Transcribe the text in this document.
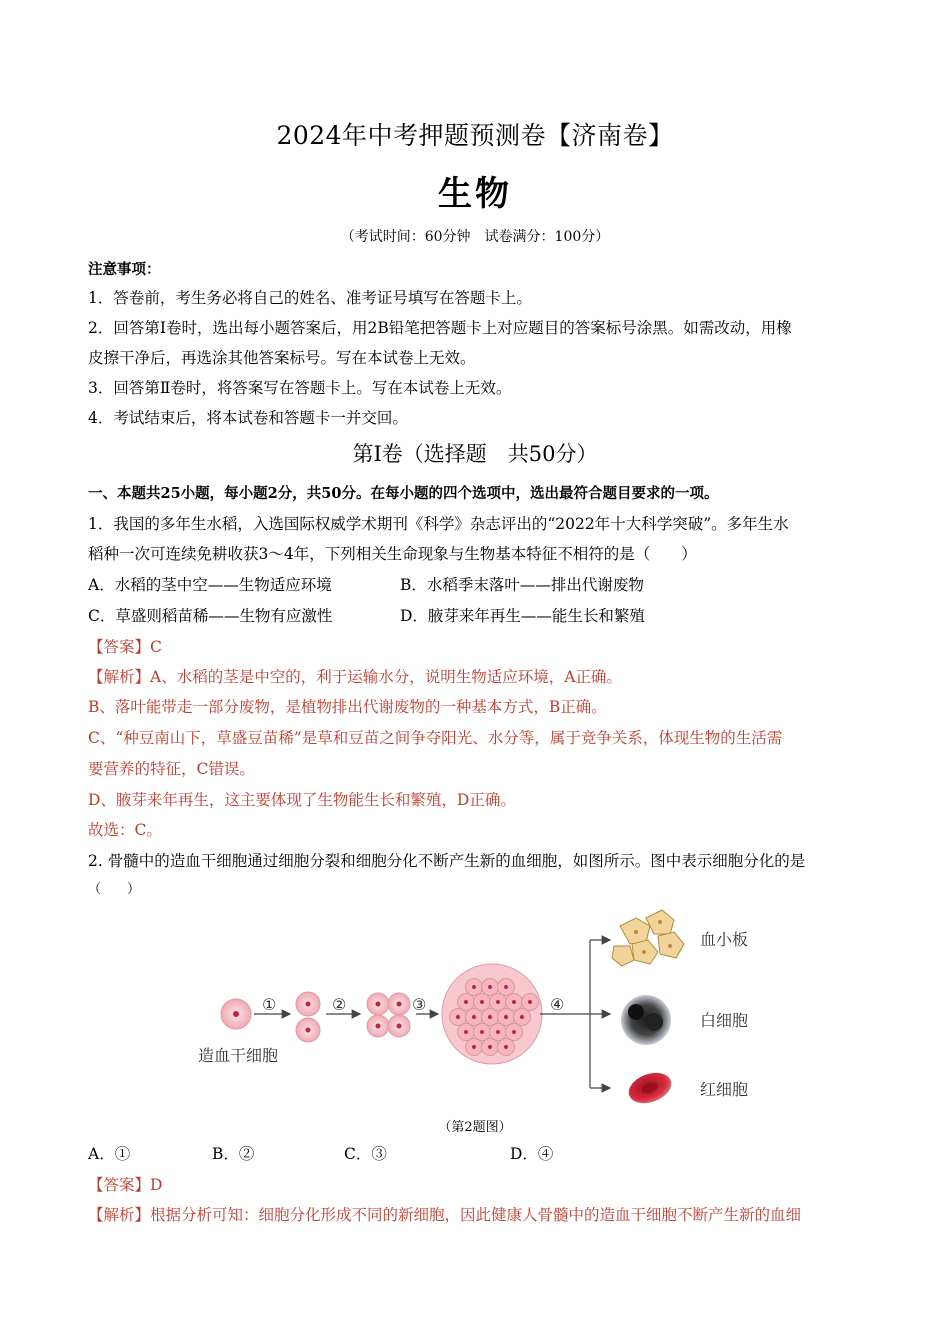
2024年中考押题预测卷【济南卷】
生物
（考试时间：60分钟　试卷满分：100分）
注意事项：
1．答卷前，考生务必将自己的姓名、准考证号填写在答题卡上。
2．回答第Ⅰ卷时，选出每小题答案后，用2B铅笔把答题卡上对应题目的答案标号涂黑。如需改动，用橡
皮擦干净后，再选涂其他答案标号。写在本试卷上无效。
3．回答第Ⅱ卷时，将答案写在答题卡上。写在本试卷上无效。
4．考试结束后，将本试卷和答题卡一并交回。
第Ⅰ卷（选择题　共50分）
一、本题共25小题，每小题2分，共50分。在每小题的四个选项中，选出最符合题目要求的一项。
1．我国的多年生水稻，入选国际权威学术期刊《科学》杂志评出的“2022年十大科学突破”。多年生水
稻种一次可连续免耕收获3～4年，下列相关生命现象与生物基本特征不相符的是（　　）
A．水稻的茎中空——生物适应环境	B．水稻季末落叶——排出代谢废物
C．草盛则稻苗稀——生物有应激性	D．腋芽来年再生——能生长和繁殖
【答案】C
【解析】A、水稻的茎是中空的，利于运输水分，说明生物适应环境，A正确。
B、落叶能带走一部分废物，是植物排出代谢废物的一种基本方式，B正确。
C、“种豆南山下，草盛豆苗稀”是草和豆苗之间争夺阳光、水分等，属于竞争关系，体现生物的生活需
要营养的特征，C错误。
D、腋芽来年再生，这主要体现了生物能生长和繁殖，D正确。
故选：C。
2. 骨髓中的造血干细胞通过细胞分裂和细胞分化不断产生新的血细胞，如图所示。图中表示细胞分化的是
（　　）
造血干细胞
①	②	③	④
血小板
白细胞
红细胞
（第2题图）
A．①	B．②	C．③	D．④
【答案】D
【解析】根据分析可知：细胞分化形成不同的新细胞，因此健康人骨髓中的造血干细胞不断产生新的血细
